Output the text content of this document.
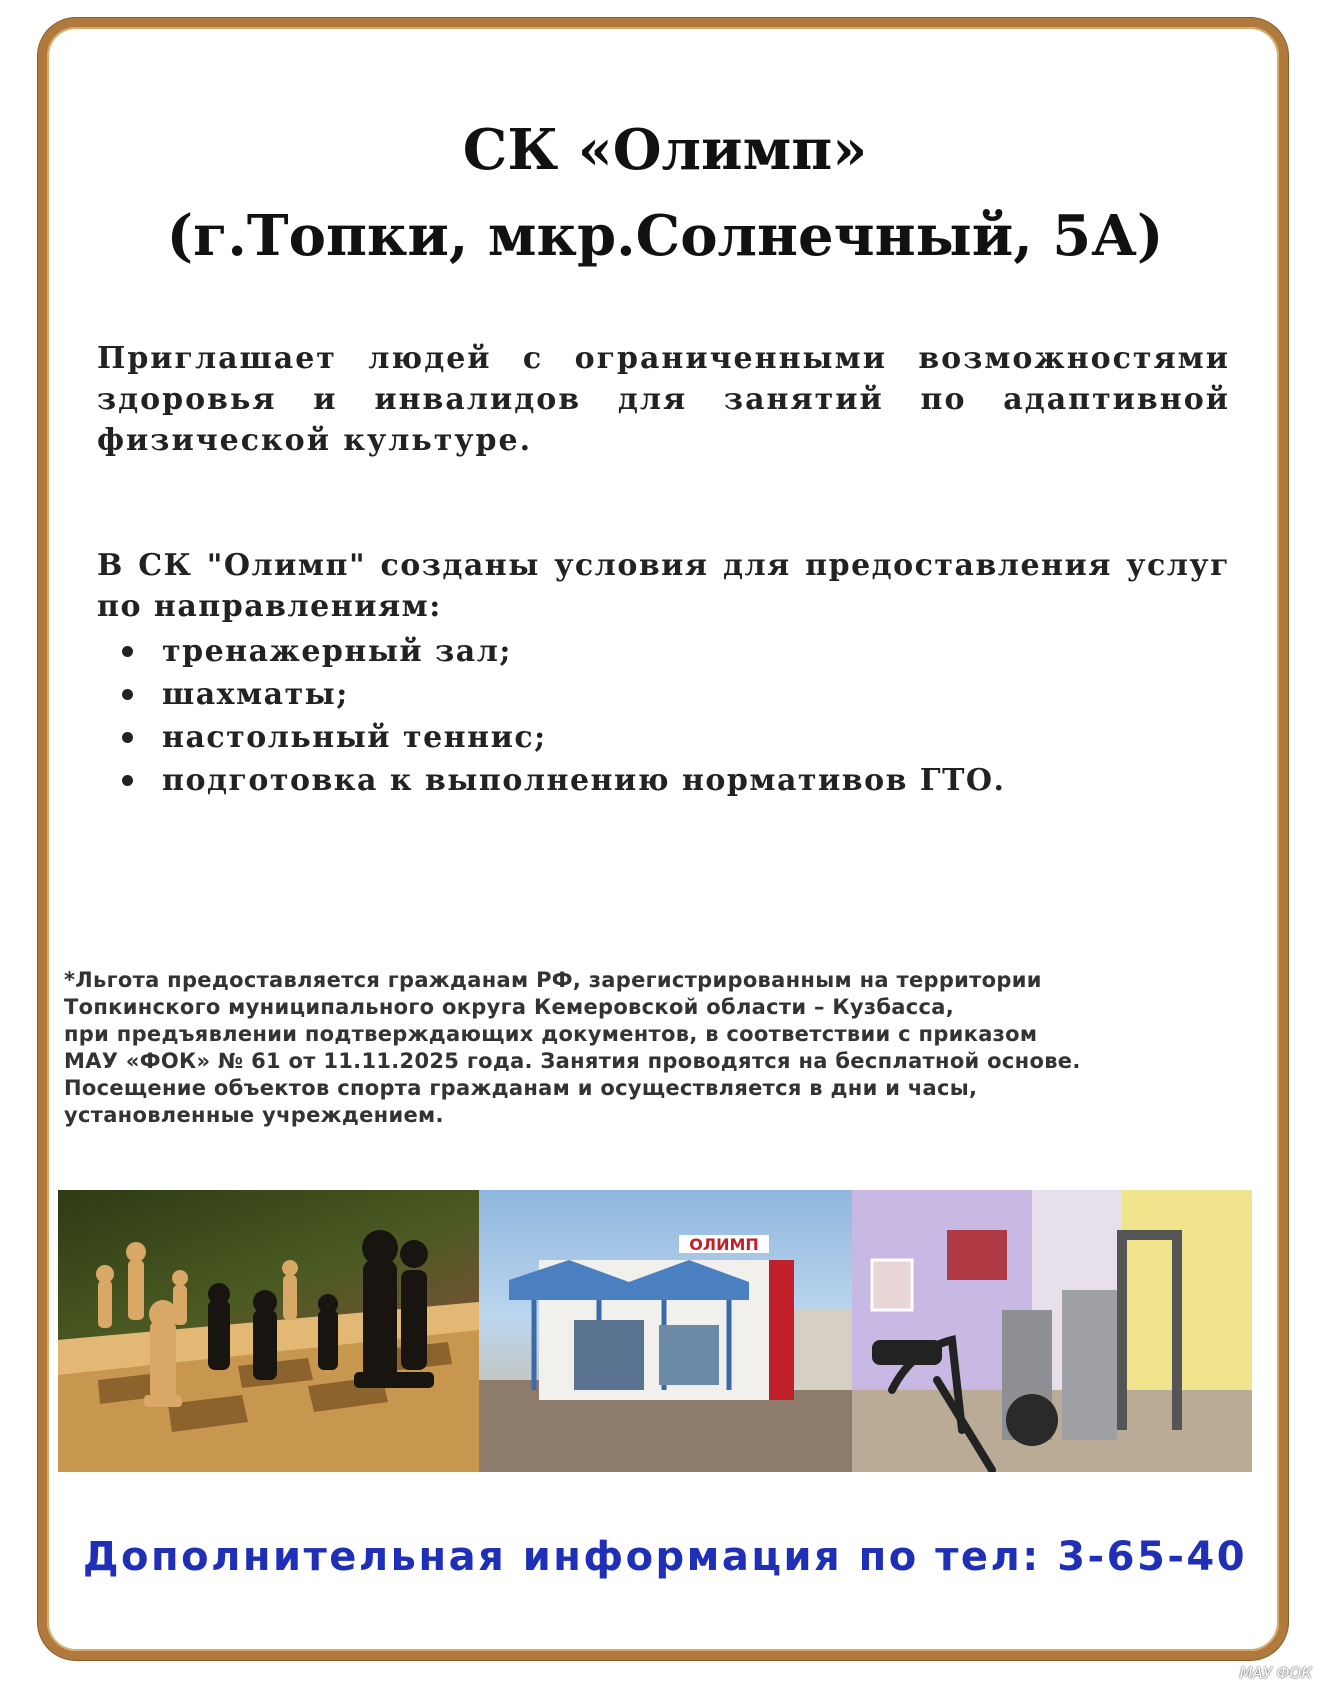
СК «Олимп»
(г.Топки, мкр.Солнечный, 5А)
Приглашает людей с ограниченными возможностями здоровья и инвалидов для занятий по адаптивной физической культуре.
В СК "Олимп" созданы условия для предоставления услуг по направлениям:
тренажерный зал;
шахматы;
настольный теннис;
подготовка к выполнению нормативов ГТО.
*Льгота предоставляется гражданам РФ, зарегистрированным на территории
Топкинского муниципального округа Кемеровской области – Кузбасса,
при предъявлении подтверждающих документов, в соответствии с приказом
МАУ «ФОК» № 61 от 11.11.2025 года. Занятия проводятся на бесплатной основе.
Посещение объектов спорта гражданам и осуществляется в дни и часы,
установленные учреждением.
ОЛИМП
Дополнительная информация по тел: 3-65-40
МАУ ФОК
